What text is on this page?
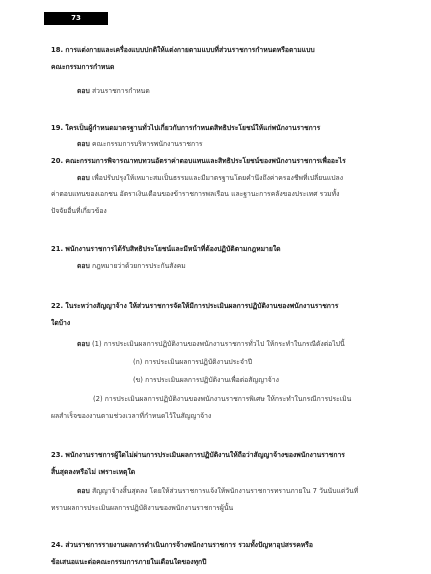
73
18. การแต่งกายและเครื่องแบบปกติให้แต่งกายตามแบบที่ส่วนราชการกำหนดหรือตามแบบ
คณะกรรมการกำหนด
ตอบ ส่วนราชการกำหนด
19. ใครเป็นผู้กำหนดมาตรฐานทั่วไปเกี่ยวกับการกำหนดสิทธิประโยชน์ให้แก่พนักงานราชการ
ตอบ คณะกรรมการบริหารพนักงานราชการ
20. คณะกรรมการพิจารณาทบทวนอัตราค่าตอบแทนและสิทธิประโยชน์ของพนักงานราชการเพื่ออะไร
ตอบ เพื่อปรับปรุงให้เหมาะสมเป็นธรรมและมีมาตรฐานโดยคำนึงถึงค่าครองชีพที่เปลี่ยนแปลง
ค่าตอบแทนของเอกชน อัตราเงินเดือนของข้าราชการพลเรือน และฐานะการคลังของประเทศ รวมทั้ง
ปัจจัยอื่นที่เกี่ยวข้อง
21. พนักงานราชการได้รับสิทธิประโยชน์และมีหน้าที่ต้องปฏิบัติตามกฎหมายใด
ตอบ กฎหมายว่าด้วยการประกันสังคม
22. ในระหว่างสัญญาจ้าง ให้ส่วนราชการจัดให้มีการประเมินผลการปฏิบัติงานของพนักงานราชการ
ใดบ้าง
ตอบ (1) การประเมินผลการปฏิบัติงานของพนักงานราชการทั่วไป ให้กระทำในกรณีดังต่อไปนี้
(ก) การประเมินผลการปฏิบัติงานประจำปี
(ข) การประเมินผลการปฏิบัติงานเพื่อต่อสัญญาจ้าง
(2) การประเมินผลการปฏิบัติงานของพนักงานราชการพิเศษ ให้กระทำในกรณีการประเมิน
ผลสำเร็จของงานตามช่วงเวลาที่กำหนดไว้ในสัญญาจ้าง
23. พนักงานราชการผู้ใดไม่ผ่านการประเมินผลการปฏิบัติงานให้ถือว่าสัญญาจ้างของพนักงานราชการ
สิ้นสุดลงหรือไม่ เพราะเหตุใด
ตอบ สัญญาจ้างสิ้นสุดลง โดยให้ส่วนราชการแจ้งให้พนักงานราชการทราบภายใน 7 วันนับแต่วันที่
ทราบผลการประเมินผลการปฏิบัติงานของพนักงานราชการผู้นั้น
24. ส่วนราชการรายงานผลการดำเนินการจ้างพนักงานราชการ รวมทั้งปัญหาอุปสรรคหรือ
ข้อเสนอแนะต่อคณะกรรมการภายในเดือนใดของทุกปี
